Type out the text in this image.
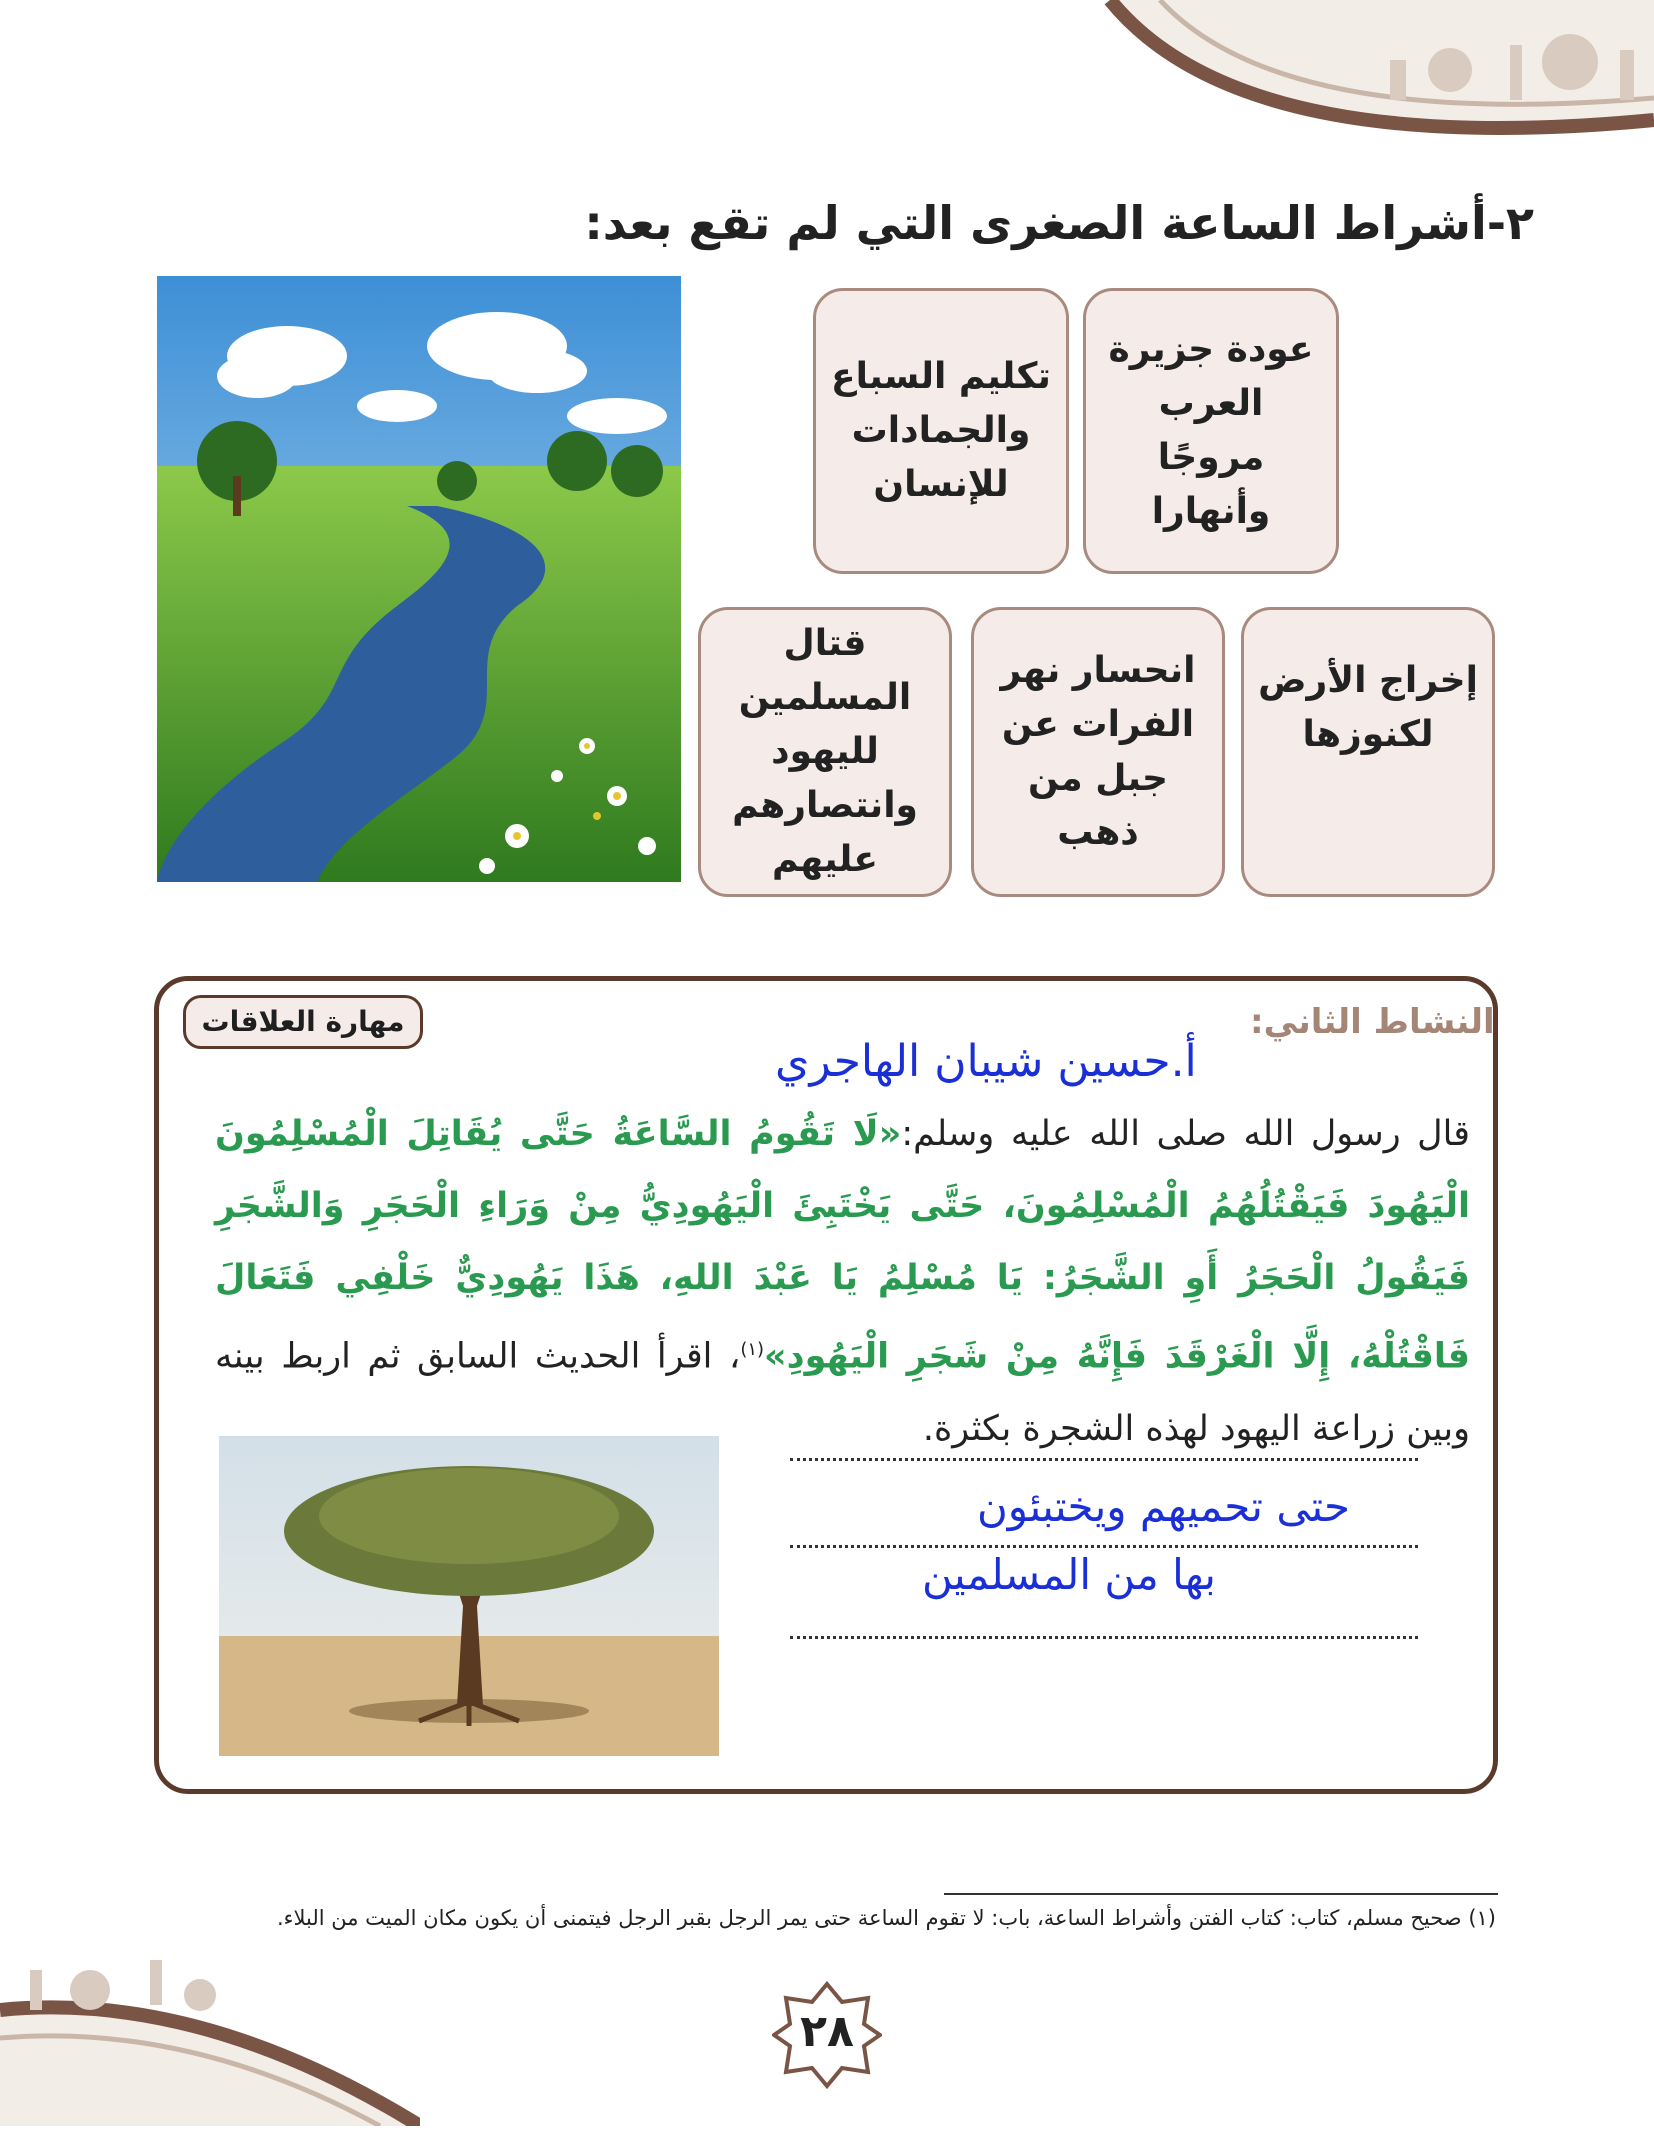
٢-أشراط الساعة الصغرى التي لم تقع بعد:
عودة جزيرة
العرب مروجًا
وأنهارا
تكليم السباع
والجمادات
للإنسان
إخراج الأرض
لكنوزها
انحسار نهر
الفرات عن
جبل من ذهب
قتال المسلمين
لليهود
وانتصارهم
عليهم
النشاط الثاني:
مهارة العلاقات
أ.حسين شيبان الهاجري
قال رسول الله صلى الله عليه وسلم:«لَا تَقُومُ السَّاعَةُ حَتَّى يُقَاتِلَ الْمُسْلِمُونَ الْيَهُودَ فَيَقْتُلُهُمُ الْمُسْلِمُونَ، حَتَّى يَخْتَبِئَ الْيَهُودِيُّ مِنْ وَرَاءِ الْحَجَرِ وَالشَّجَرِ فَيَقُولُ الْحَجَرُ أَوِ الشَّجَرُ: يَا مُسْلِمُ يَا عَبْدَ اللهِ، هَذَا يَهُودِيٌّ خَلْفِي فَتَعَالَ فَاقْتُلْهُ، إِلَّا الْغَرْقَدَ فَإِنَّهُ مِنْ شَجَرِ الْيَهُودِ»$^{(١)}$، اقرأ الحديث السابق ثم اربط بينه وبين زراعة اليهود لهذه الشجرة بكثرة.
حتى تحميهم ويختبئون
بها من المسلمين
(١) صحيح مسلم، كتاب: كتاب الفتن وأشراط الساعة، باب: لا تقوم الساعة حتى يمر الرجل بقبر الرجل فيتمنى أن يكون مكان الميت من البلاء.
٢٨
